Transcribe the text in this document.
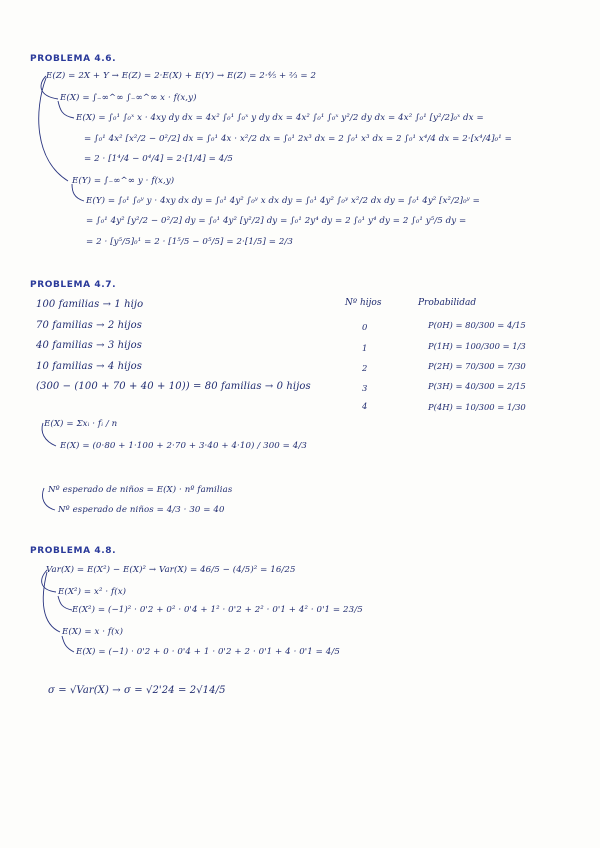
PROBLEMA 4.6.
E(Z) = 2X + Y → E(Z) = 2·E(X) + E(Y) → E(Z) = 2·⅘ + ⅔ = 2
E(X) = ∫₋∞^∞ ∫₋∞^∞ x · f(x,y)
E(X) = ∫₀¹ ∫₀ˣ x · 4xy dy dx = 4x² ∫₀¹ ∫₀ˣ y dy dx = 4x² ∫₀¹ ∫₀ˣ y²/2 dy dx = 4x² ∫₀¹ [y²/2]₀ˣ dx =
= ∫₀¹ 4x² [x²/2 − 0²/2] dx = ∫₀¹ 4x · x²/2 dx = ∫₀¹ 2x³ dx = 2 ∫₀¹ x³ dx = 2 ∫₀¹ x⁴/4 dx = 2·[x⁴/4]₀¹ =
= 2 · [1⁴/4 − 0⁴/4] = 2·[1/4] = 4/5
E(Y) = ∫₋∞^∞ y · f(x,y)
E(Y) = ∫₀¹ ∫₀ʸ y · 4xy dx dy = ∫₀¹ 4y² ∫₀ʸ x dx dy = ∫₀¹ 4y² ∫₀ʸ x²/2 dx dy = ∫₀¹ 4y² [x²/2]₀ʸ =
= ∫₀¹ 4y² [y²/2 − 0²/2] dy = ∫₀¹ 4y² [y²/2] dy = ∫₀¹ 2y⁴ dy = 2 ∫₀¹ y⁴ dy = 2 ∫₀¹ y⁵/5 dy =
= 2 · [y⁵/5]₀¹ = 2 · [1⁵/5 − 0⁵/5] = 2·[1/5] = 2/3
PROBLEMA 4.7.
100 familias → 1 hijo
70 familias → 2 hijos
40 familias → 3 hijos
10 familias → 4 hijos
(300 − (100 + 70 + 40 + 10)) = 80 familias → 0 hijos
Nº hijos	Probabilidad
0
1
2
3
4
P(0H) = 80/300 = 4/15
P(1H) = 100/300 = 1/3
P(2H) = 70/300 = 7/30
P(3H) = 40/300 = 2/15
P(4H) = 10/300 = 1/30
E(X) = Σxᵢ · fᵢ / n
E(X) = (0·80 + 1·100 + 2·70 + 3·40 + 4·10) / 300 = 4/3
Nº esperado de niños = E(X) · nº familias
Nº esperado de niños = 4/3 · 30 = 40
PROBLEMA 4.8.
Var(X) = E(X²) − E(X)² → Var(X) = 46/5 − (4/5)² = 16/25
E(X²) = x² · f(x)
E(X²) = (−1)² · 0'2 + 0² · 0'4 + 1² · 0'2 + 2² · 0'1 + 4² · 0'1 = 23/5
E(X) = x · f(x)
E(X) = (−1) · 0'2 + 0 · 0'4 + 1 · 0'2 + 2 · 0'1 + 4 · 0'1 = 4/5
σ = √Var(X) → σ = √2'24 = 2√14/5
